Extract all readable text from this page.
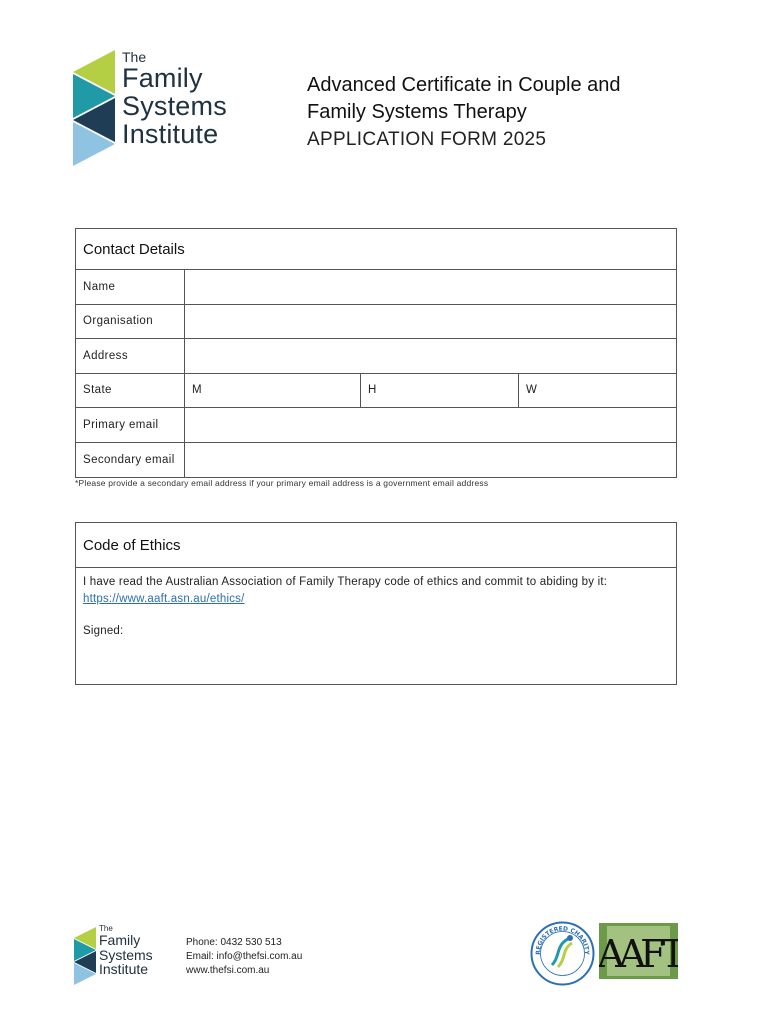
The
Family
Systems
Institute
Advanced Certificate in Couple and
Family Systems Therapy
APPLICATION FORM 2025
Contact Details
Name
Organisation
Address
State	M	H	W
Primary email
Secondary email
*Please provide a secondary email address if your primary email address is a government email address
Code of Ethics
I have read the Australian Association of Family Therapy code of ethics and commit to abiding by it:
https://www.aaft.asn.au/ethics/
Signed:
The
Family
Systems
Institute
Phone: 0432 530 513
Email: info@thefsi.com.au
www.thefsi.com.au
REGISTERED CHARITY AAFT
